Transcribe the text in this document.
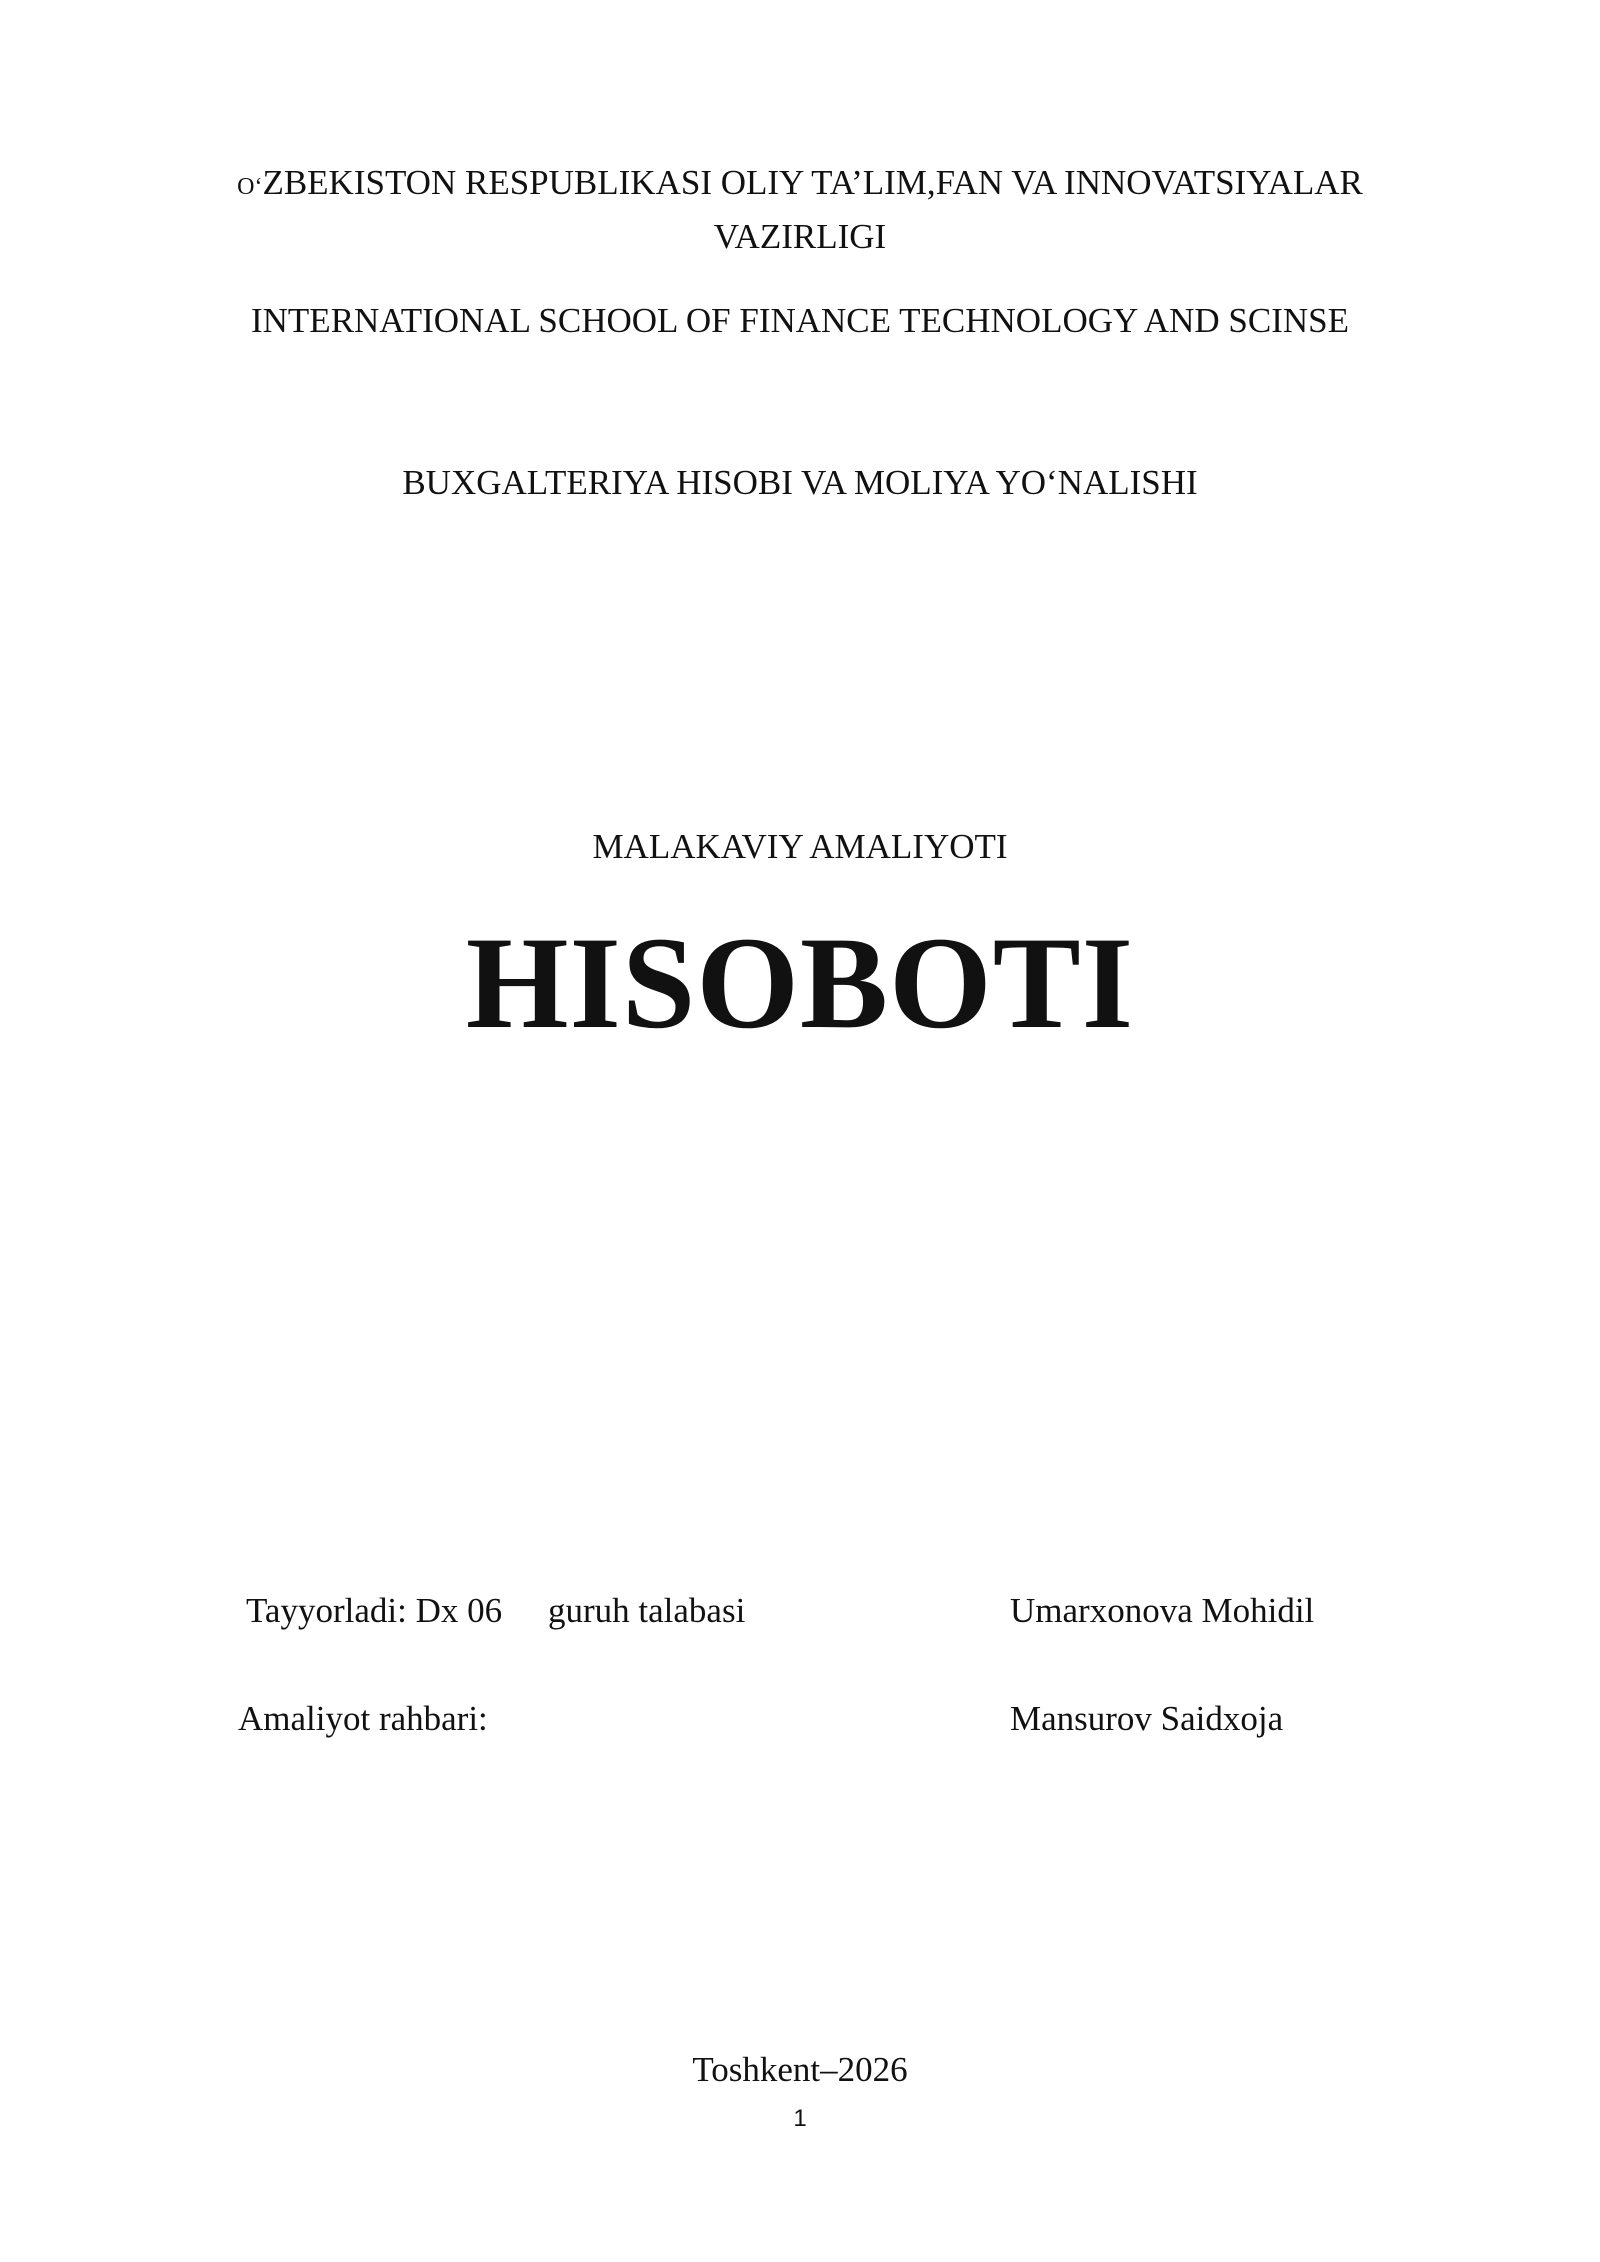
O‘ZBEKISTON RESPUBLIKASI OLIY TA’LIM,FAN VA INNOVATSIYALAR
VAZIRLIGI
INTERNATIONAL SCHOOL OF FINANCE TECHNOLOGY AND SCINSE
BUXGALTERIYA HISOBI VA MOLIYA YO‘NALISHI
MALAKAVIY AMALIYOTI
HISOBOTI
Tayyorladi: Dx 06 guruh talabasi	Umarxonova Mohidil
Amaliyot rahbari:	Mansurov Saidxoja
Toshkent–2026
1
